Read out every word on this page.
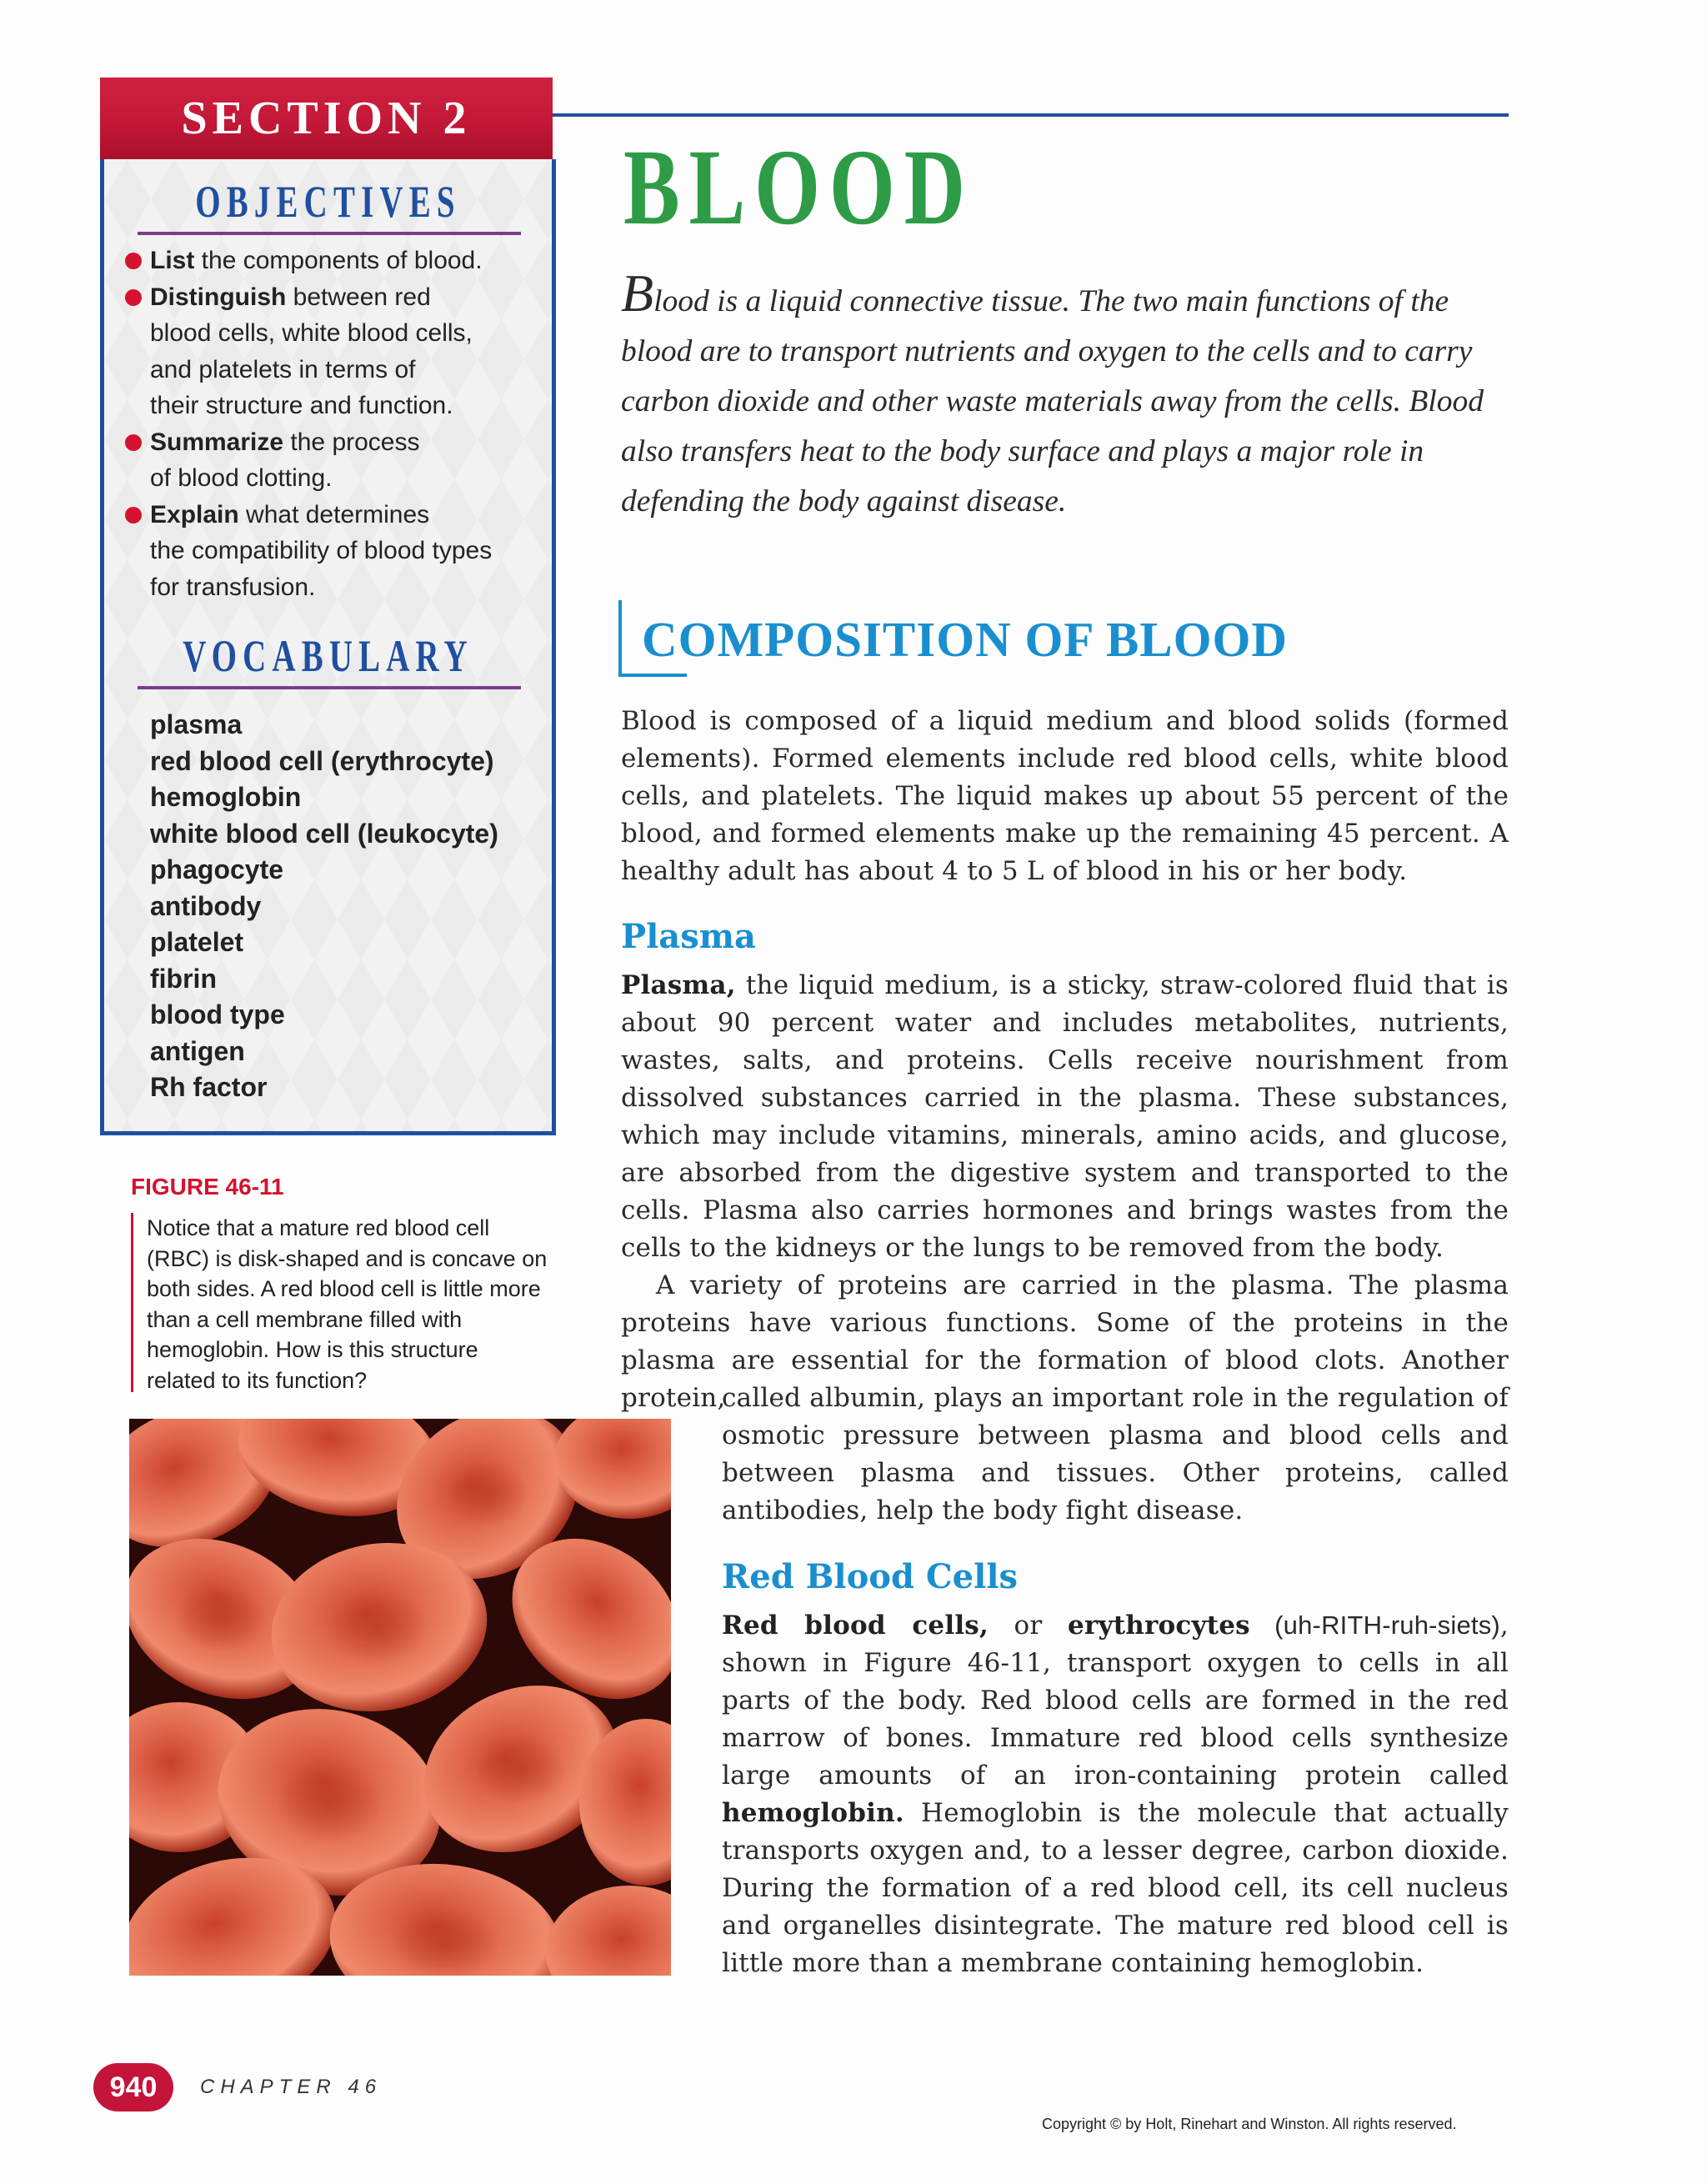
SECTION 2
OBJECTIVES
List the components of blood.
Distinguish between red
blood cells, white blood cells,
and platelets in terms of
their structure and function.
Summarize the process
of blood clotting.
Explain what determines
the compatibility of blood types
for transfusion.
VOCABULARY
plasma
red blood cell (erythrocyte)
hemoglobin
white blood cell (leukocyte)
phagocyte
antibody
platelet
fibrin
blood type
antigen
Rh factor
FIGURE 46-11
Notice that a mature red blood cell (RBC) is disk-shaped and is concave on both sides. A red blood cell is little more than a cell membrane filled with hemoglobin. How is this structure related to its function?
BLOOD
Blood is a liquid connective tissue. The two main functions of the blood are to transport nutrients and oxygen to the cells and to carry carbon dioxide and other waste materials away from the cells. Blood also transfers heat to the body surface and plays a major role in defending the body against disease.
COMPOSITION OF BLOOD
Blood is composed of a liquid medium and blood solids (formed elements). Formed elements include red blood cells, white blood cells, and platelets. The liquid makes up about 55 percent of the blood, and formed elements make up the remaining 45 percent. A healthy adult has about 4 to 5 L of blood in his or her body.
Plasma
Plasma, the liquid medium, is a sticky, straw-colored fluid that is about 90 percent water and includes metabolites, nutrients, wastes, salts, and proteins. Cells receive nourishment from dissolved substances carried in the plasma. These substances, which may include vitamins, minerals, amino acids, and glucose, are absorbed from the digestive system and transported to the cells. Plasma also carries hormones and brings wastes from the cells to the kidneys or the lungs to be removed from the body.
A variety of proteins are carried in the plasma. The plasma proteins have various functions. Some of the proteins in the plasma are essential for the formation of blood clots. Another protein,
called albumin, plays an important role in the regulation of osmotic pressure between plasma and blood cells and between plasma and tissues. Other proteins, called antibodies, help the body fight disease.
Red Blood Cells
Red blood cells, or erythrocytes (uh-RITH-ruh-siets), shown in Figure 46-11, transport oxygen to cells in all parts of the body. Red blood cells are formed in the red marrow of bones. Immature red blood cells synthesize large amounts of an iron-containing protein called hemoglobin. Hemoglobin is the molecule that actually transports oxygen and, to a lesser degree, carbon dioxide. During the formation of a red blood cell, its cell nucleus and organelles disintegrate. The mature red blood cell is little more than a membrane containing hemoglobin.
940	CHAPTER 46
Copyright © by Holt, Rinehart and Winston. All rights reserved.
